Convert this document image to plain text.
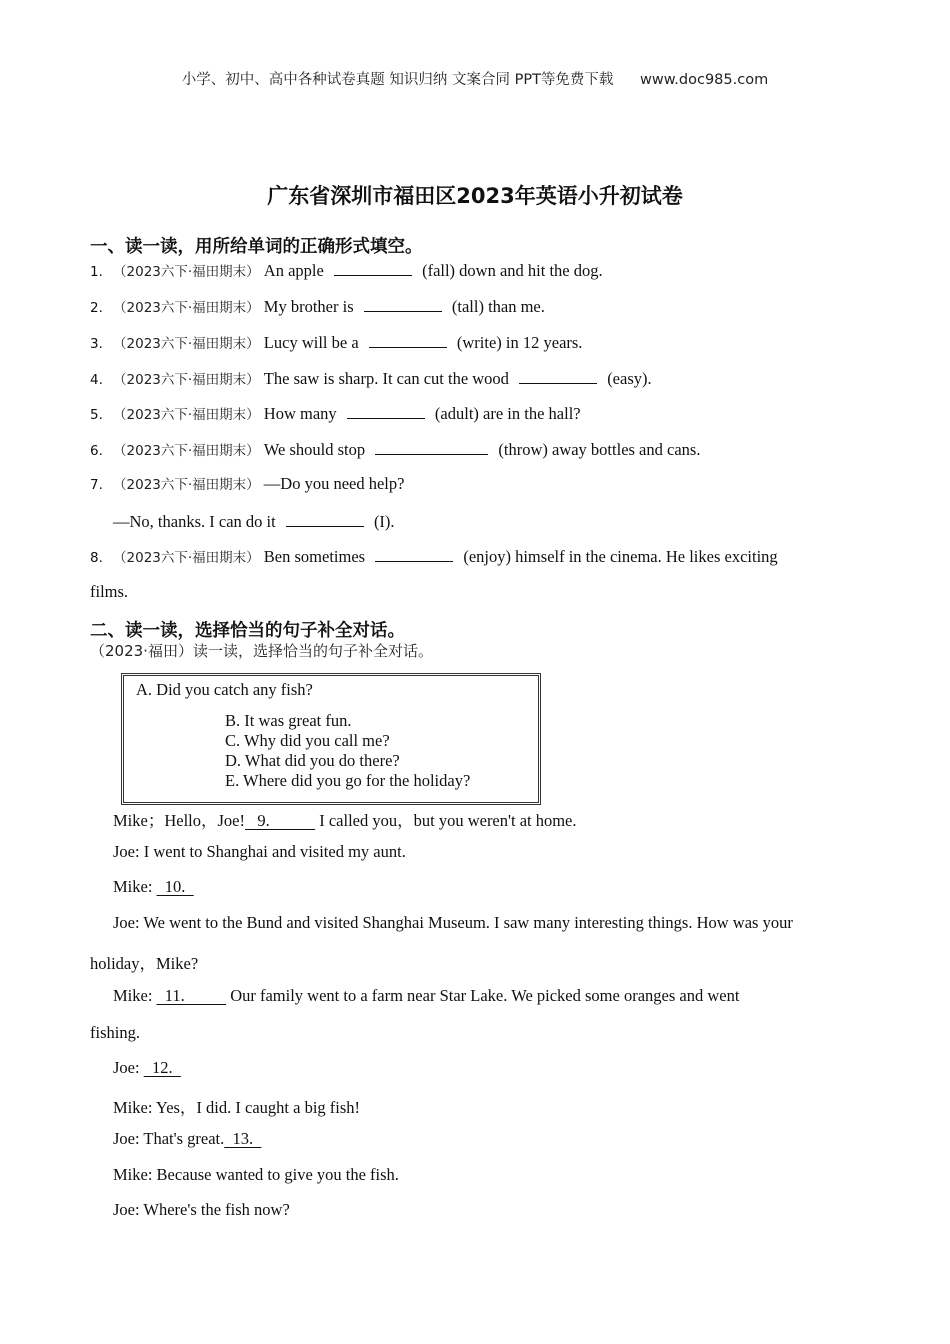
小学、初中、高中各种试卷真题 知识归纳 文案合同 PPT等免费下载 www.doc985.com
广东省深圳市福田区2023年英语小升初试卷
一、读一读，用所给单词的正确形式填空。
1. （2023六下·福田期末） An apple	(fall) down and hit the dog.
2. （2023六下·福田期末） My brother is	(tall) than me.
3. （2023六下·福田期末） Lucy will be a	(write) in 12 years.
4. （2023六下·福田期末） The saw is sharp. It can cut the wood	(easy).
5. （2023六下·福田期末） How many	(adult) are in the hall?
6. （2023六下·福田期末） We should stop	(throw) away bottles and cans.
7. （2023六下·福田期末） —Do you need help?
—No, thanks. I can do it	(I).
8. （2023六下·福田期末） Ben sometimes	(enjoy) himself in the cinema. He likes exciting
films.
二、读一读，选择恰当的句子补全对话。
（2023·福田）读一读，选择恰当的句子补全对话。
A. Did you catch any fish?
B. It was great fun.
C. Why did you call me?
D. What did you do there?
E. Where did you go for the holiday?
Mike；Hello，Joe!   9.            I called you，but you weren't at home.
Joe: I went to Shanghai and visited my aunt.
Mike:   10.
Joe: We went to the Bund and visited Shanghai Museum. I saw many interesting things. How was your
holiday，Mike?
Mike:   11.           Our family went to a farm near Star Lake. We picked some oranges and went
fishing.
Joe:   12.
Mike: Yes，I did. I caught a big fish!
Joe: That's great.  13.
Mike: Because wanted to give you the fish.
Joe: Where's the fish now?
